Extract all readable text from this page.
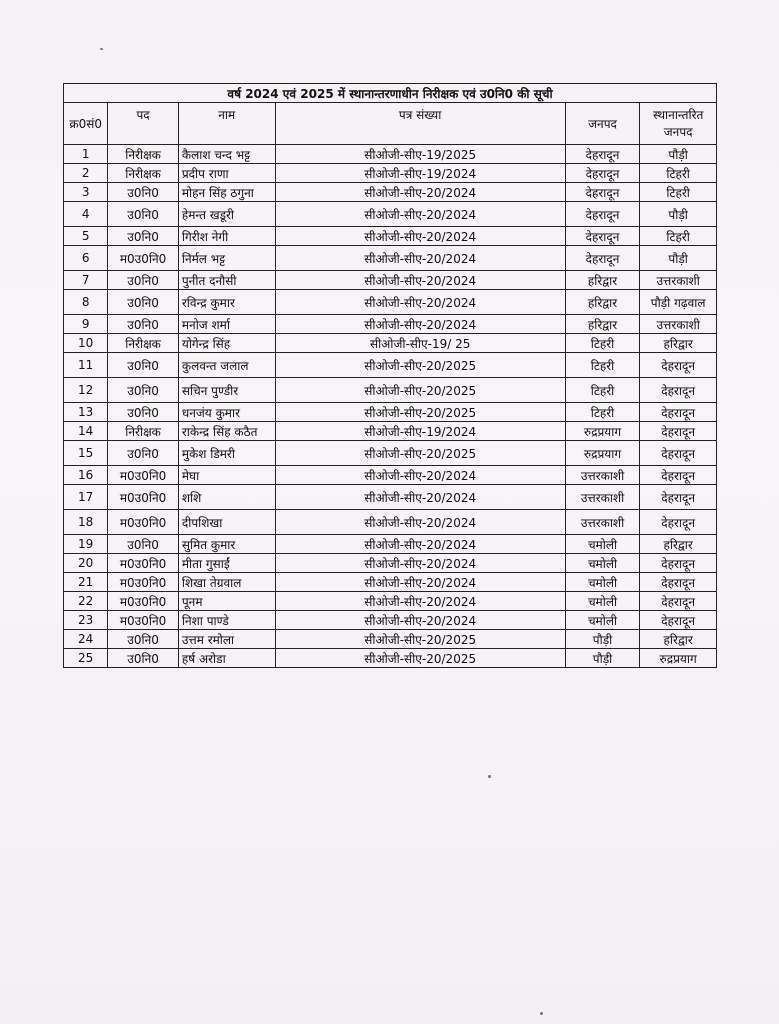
वर्ष 2024 एवं 2025 में स्थानान्तरणाधीन निरीक्षक एवं उ0नि0 की सूची					
क्र0सं0	पद	नाम	पत्र संख्या	जनपद	स्थानान्तरित जनपद
1	निरीक्षक	कैलाश चन्द भट्ट	सीओजी-सीए-19/2025	देहरादून	पौड़ी
2	निरीक्षक	प्रदीप राणा	सीओजी-सीए-19/2024	देहरादून	टिहरी
3	उ0नि0	मोहन सिंह ठगुना	सीओजी-सीए-20/2024	देहरादून	टिहरी
4	उ0नि0	हेमन्त खडूरी	सीओजी-सीए-20/2024	देहरादून	पौड़ी
5	उ0नि0	गिरीश नेगी	सीओजी-सीए-20/2024	देहरादून	टिहरी
6	म0उ0नि0	निर्मल भट्ट	सीओजी-सीए-20/2024	देहरादून	पौड़ी
7	उ0नि0	पुनीत दनौसी	सीओजी-सीए-20/2024	हरिद्वार	उत्तरकाशी
8	उ0नि0	रविन्द्र कुमार	सीओजी-सीए-20/2024	हरिद्वार	पौड़ी गढ़वाल
9	उ0नि0	मनोज शर्मा	सीओजी-सीए-20/2024	हरिद्वार	उत्तरकाशी
10	निरीक्षक	योगेन्द्र सिंह	सीओजी-सीए-19/ 25	टिहरी	हरिद्वार
11	उ0नि0	कुलवन्त जलाल	सीओजी-सीए-20/2025	टिहरी	देहरादून
12	उ0नि0	सचिन पुण्डीर	सीओजी-सीए-20/2025	टिहरी	देहरादून
13	उ0नि0	धनजंय कुमार	सीओजी-सीए-20/2025	टिहरी	देहरादून
14	निरीक्षक	राकेन्द्र सिंह कठैत	सीओजी-सीए-19/2024	रुद्रप्रयाग	देहरादून
15	उ0नि0	मुकेश डिमरी	सीओजी-सीए-20/2025	रुद्रप्रयाग	देहरादून
16	म0उ0नि0	मेघा	सीओजी-सीए-20/2024	उत्तरकाशी	देहरादून
17	म0उ0नि0	शशि	सीओजी-सीए-20/2024	उत्तरकाशी	देहरादून
18	म0उ0नि0	दीपशिखा	सीओजी-सीए-20/2024	उत्तरकाशी	देहरादून
19	उ0नि0	सुमित कुमार	सीओजी-सीए-20/2024	चमोली	हरिद्वार
20	म0उ0नि0	मीता गुसाईं	सीओजी-सीए-20/2024	चमोली	देहरादून
21	म0उ0नि0	शिखा तेग्रवाल	सीओजी-सीए-20/2024	चमोली	देहरादून
22	म0उ0नि0	पूनम	सीओजी-सीए-20/2024	चमोली	देहरादून
23	म0उ0नि0	निशा पाण्डे	सीओजी-सीए-20/2024	चमोली	देहरादून
24	उ0नि0	उत्तम रमोला	सीओजी-सीए-20/2025	पौड़ी	हरिद्वार
25	उ0नि0	हर्ष अरोडा	सीओजी-सीए-20/2025	पौड़ी	रुद्रप्रयाग
